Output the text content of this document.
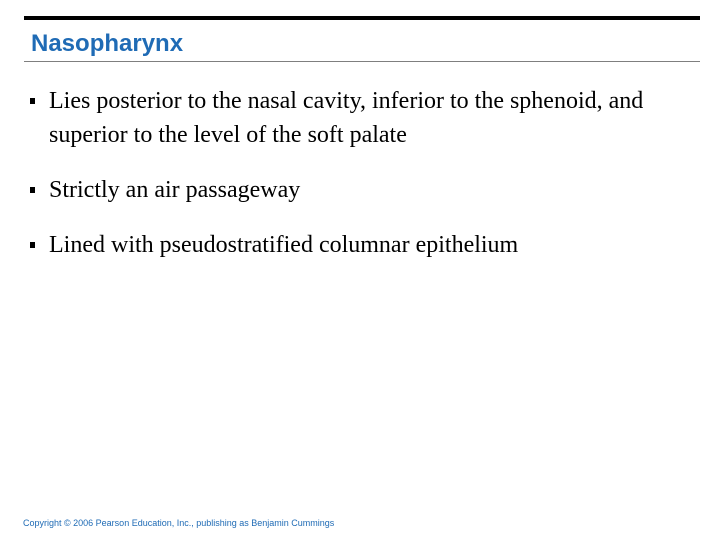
Nasopharynx
Lies posterior to the nasal cavity, inferior to the sphenoid, and superior to the level of the soft palate
Strictly an air passageway
Lined with pseudostratified columnar epithelium

Copyright © 2006 Pearson Education, Inc., publishing as Benjamin Cummings
